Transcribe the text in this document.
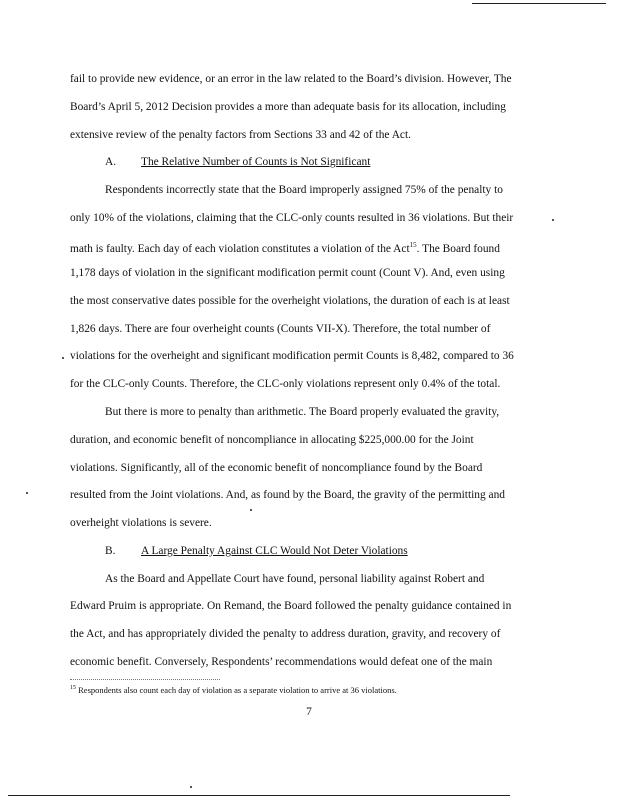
fail to provide new evidence, or an error in the law related to the Board’s division. However, The
Board’s April 5, 2012 Decision provides a more than adequate basis for its allocation, including
extensive review of the penalty factors from Sections 33 and 42 of the Act.
A. The Relative Number of Counts is Not Significant
Respondents incorrectly state that the Board improperly assigned 75% of the penalty to
only 10% of the violations, claiming that the CLC-only counts resulted in 36 violations. But their
math is faulty. Each day of each violation constitutes a violation of the Act$^{15}$. The Board found
1,178 days of violation in the significant modification permit count (Count V). And, even using
the most conservative dates possible for the overheight violations, the duration of each is at least
1,826 days. There are four overheight counts (Counts VII-X). Therefore, the total number of
violations for the overheight and significant modification permit Counts is 8,482, compared to 36
for the CLC-only Counts. Therefore, the CLC-only violations represent only 0.4% of the total.
But there is more to penalty than arithmetic. The Board properly evaluated the gravity,
duration, and economic benefit of noncompliance in allocating $225,000.00 for the Joint
violations. Significantly, all of the economic benefit of noncompliance found by the Board
resulted from the Joint violations. And, as found by the Board, the gravity of the permitting and
overheight violations is severe.
B. A Large Penalty Against CLC Would Not Deter Violations
As the Board and Appellate Court have found, personal liability against Robert and
Edward Pruim is appropriate. On Remand, the Board followed the penalty guidance contained in
the Act, and has appropriately divided the penalty to address duration, gravity, and recovery of
economic benefit. Conversely, Respondents’ recommendations would defeat one of the main
$^{15}$ Respondents also count each day of violation as a separate violation to arrive at 36 violations.
7
